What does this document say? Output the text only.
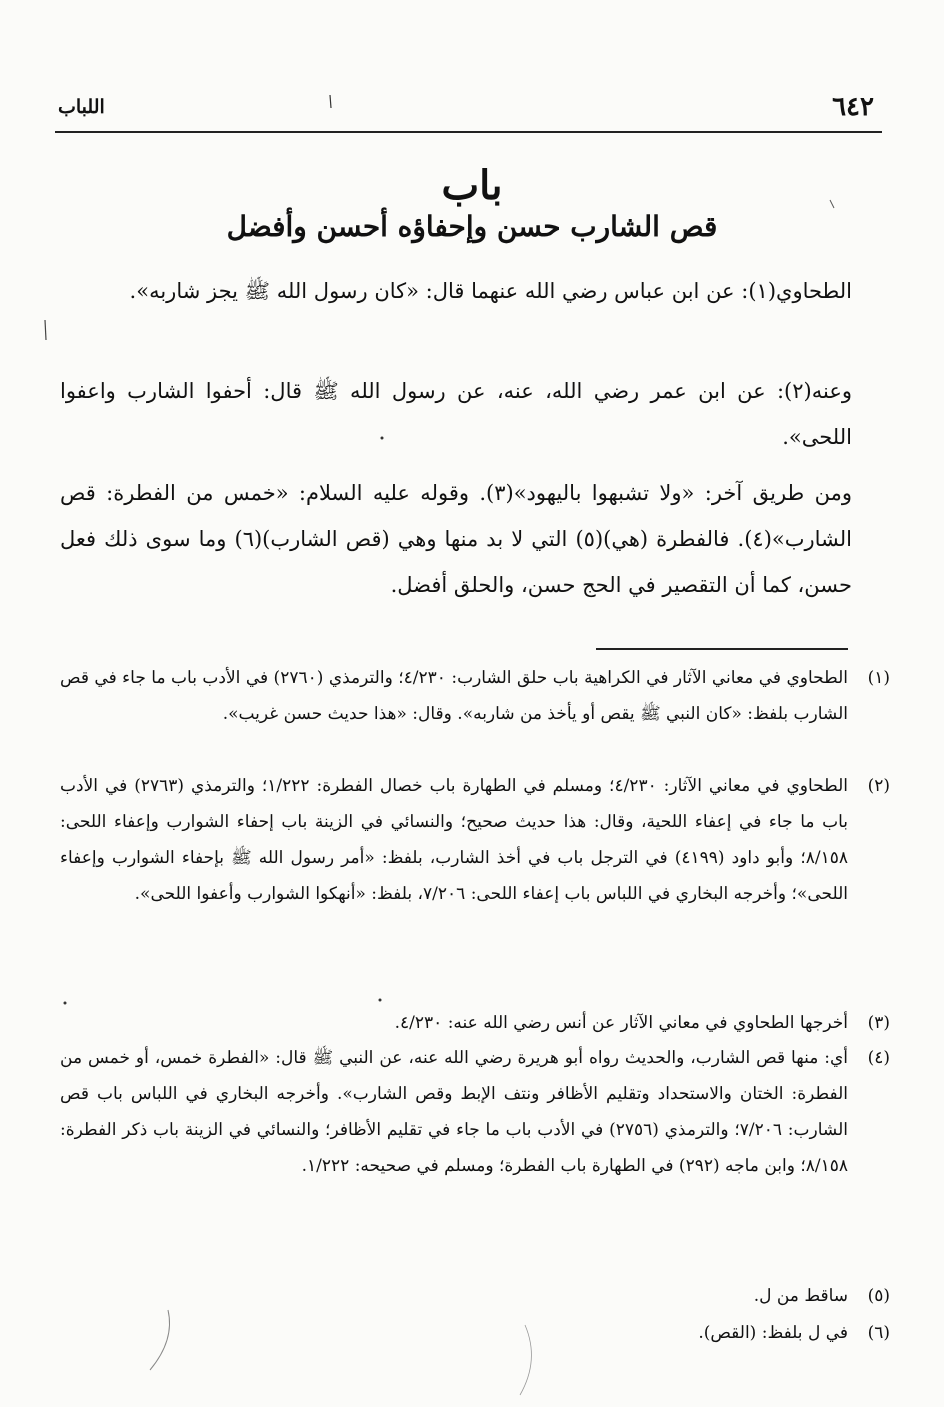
٦٤٢
اللباب
باب
قص الشارب حسن وإحفاؤه أحسن وأفضل
الطحاوي(١): عن ابن عباس رضي الله عنهما قال: «كان رسول الله ﷺ يجز شاربه».
وعنه(٢): عن ابن عمر رضي الله، عنه، عن رسول الله ﷺ قال: أحفوا الشارب واعفوا اللحى».
ومن طريق آخر: «ولا تشبهوا باليهود»(٣). وقوله عليه السلام: «خمس من الفطرة: قص الشارب»(٤). فالفطرة (هي)(٥) التي لا بد منها وهي (قص الشارب)(٦) وما سوى ذلك فعل حسن، كما أن التقصير في الحج حسن، والحلق أفضل.
(١)
الطحاوي في معاني الآثار في الكراهية باب حلق الشارب: ٤/٢٣٠؛ والترمذي (٢٧٦٠) في الأدب باب ما جاء في قص الشارب بلفظ: «كان النبي ﷺ يقص أو يأخذ من شاربه». وقال: «هذا حديث حسن غريب».
(٢)
الطحاوي في معاني الآثار: ٤/٢٣٠؛ ومسلم في الطهارة باب خصال الفطرة: ١/٢٢٢؛ والترمذي (٢٧٦٣) في الأدب باب ما جاء في إعفاء اللحية، وقال: هذا حديث صحيح؛ والنسائي في الزينة باب إحفاء الشوارب وإعفاء اللحى: ٨/١٥٨؛ وأبو داود (٤١٩٩) في الترجل باب في أخذ الشارب، بلفظ: «أمر رسول الله ﷺ بإحفاء الشوارب وإعفاء اللحى»؛ وأخرجه البخاري في اللباس باب إعفاء اللحى: ٧/٢٠٦، بلفظ: «أنهكوا الشوارب وأعفوا اللحى».
(٣)
أخرجها الطحاوي في معاني الآثار عن أنس رضي الله عنه: ٤/٢٣٠.
(٤)
أي: منها قص الشارب، والحديث رواه أبو هريرة رضي الله عنه، عن النبي ﷺ قال: «الفطرة خمس، أو خمس من الفطرة: الختان والاستحداد وتقليم الأظافر ونتف الإبط وقص الشارب». وأخرجه البخاري في اللباس باب قص الشارب: ٧/٢٠٦؛ والترمذي (٢٧٥٦) في الأدب باب ما جاء في تقليم الأظافر؛ والنسائي في الزينة باب ذكر الفطرة: ٨/١٥٨؛ وابن ماجه (٢٩٢) في الطهارة باب الفطرة؛ ومسلم في صحيحه: ١/٢٢٢.
(٥)
ساقط من ل.
(٦)
في ل بلفظ: (القص).
